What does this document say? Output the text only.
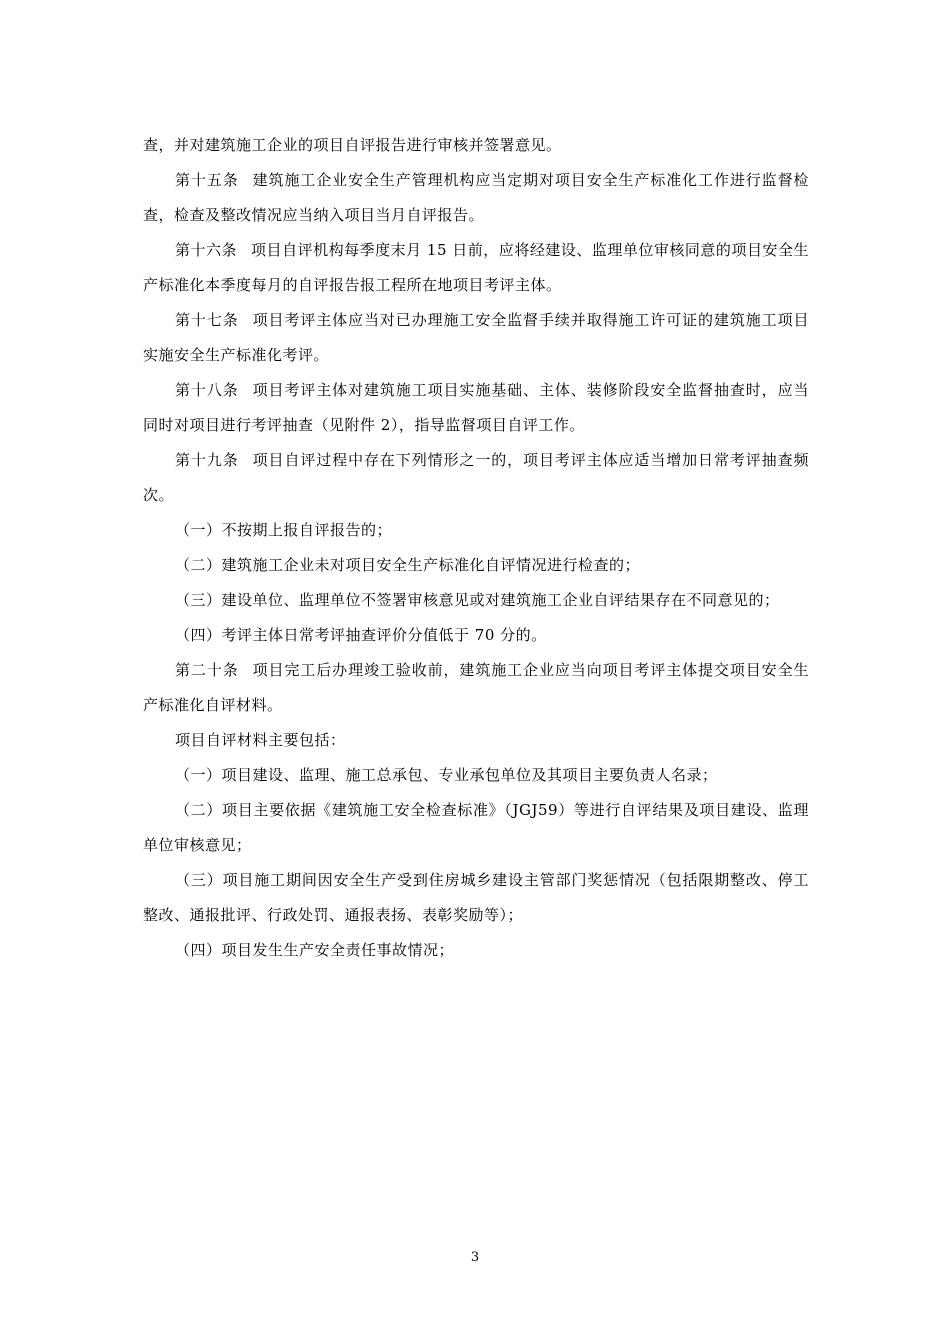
查，并对建筑施工企业的项目自评报告进行审核并签署意见。

第十五条 建筑施工企业安全生产管理机构应当定期对项目安全生产标准化工作进行监督检查，检查及整改情况应当纳入项目当月自评报告。

第十六条 项目自评机构每季度末月 15 日前，应将经建设、监理单位审核同意的项目安全生产标准化本季度每月的自评报告报工程所在地项目考评主体。

第十七条 项目考评主体应当对已办理施工安全监督手续并取得施工许可证的建筑施工项目实施安全生产标准化考评。

第十八条 项目考评主体对建筑施工项目实施基础、主体、装修阶段安全监督抽查时，应当同时对项目进行考评抽查（见附件 2），指导监督项目自评工作。

第十九条 项目自评过程中存在下列情形之一的，项目考评主体应适当增加日常考评抽查频次。

（一）不按期上报自评报告的；

（二）建筑施工企业未对项目安全生产标准化自评情况进行检查的；

（三）建设单位、监理单位不签署审核意见或对建筑施工企业自评结果存在不同意见的；

（四）考评主体日常考评抽查评价分值低于 70 分的。

第二十条 项目完工后办理竣工验收前，建筑施工企业应当向项目考评主体提交项目安全生产标准化自评材料。

项目自评材料主要包括：

（一）项目建设、监理、施工总承包、专业承包单位及其项目主要负责人名录；

（二）项目主要依据《建筑施工安全检查标准》（JGJ59）等进行自评结果及项目建设、监理单位审核意见；

（三）项目施工期间因安全生产受到住房城乡建设主管部门奖惩情况（包括限期整改、停工整改、通报批评、行政处罚、通报表扬、表彰奖励等）；

（四）项目发生生产安全责任事故情况；

3
